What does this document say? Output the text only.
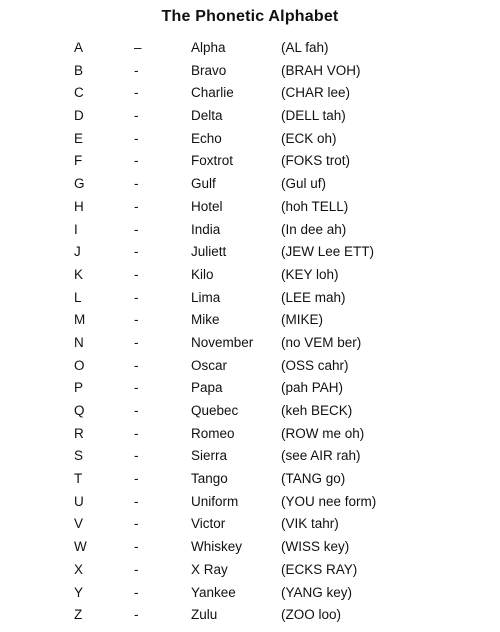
The Phonetic Alphabet
A	–	Alpha	(AL fah)
B	-	Bravo	(BRAH VOH)
C	-	Charlie	(CHAR lee)
D	-	Delta	(DELL tah)
E	-	Echo	(ECK oh)
F	-	Foxtrot	(FOKS trot)
G	-	Gulf	(Gul uf)
H	-	Hotel	(hoh TELL)
I	-	India	(In dee ah)
J	-	Juliett	(JEW Lee ETT)
K	-	Kilo	(KEY loh)
L	-	Lima	(LEE mah)
M	-	Mike	(MIKE)
N	-	November (no VEM ber)
O	-	Oscar	(OSS cahr)
P	-	Papa	(pah PAH)
Q	-	Quebec	(keh BECK)
R	-	Romeo	(ROW me oh)
S	-	Sierra	(see AIR rah)
T	-	Tango	(TANG go)
U	-	Uniform	(YOU nee form)
V	-	Victor	(VIK tahr)
W	-	Whiskey	(WISS key)
X	-	X Ray	(ECKS RAY)
Y	-	Yankee	(YANG key)
Z	-	Zulu	(ZOO loo)
